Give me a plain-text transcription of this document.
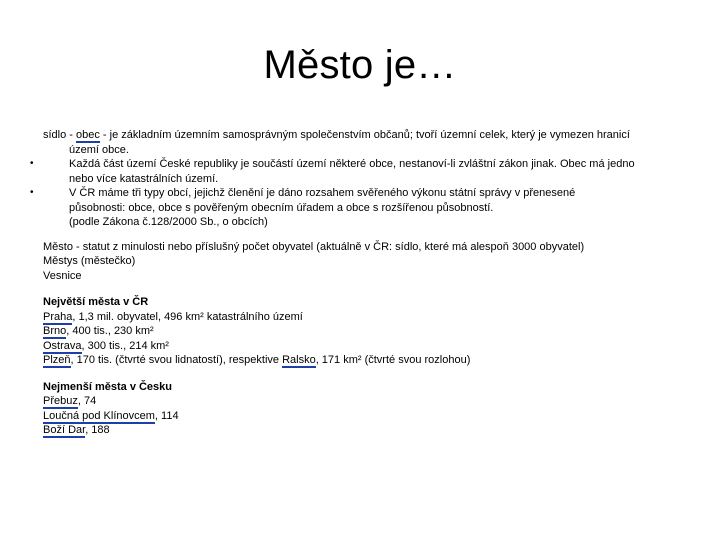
Město je…

sídlo - obec - je základním územním samosprávným společenstvím občanů; tvoří územní celek, který je vymezen hranicí
území obce.

•	Každá část území České republiky je součástí území některé obce, nestanoví-li zvláštní zákon jinak. Obec má jedno
nebo více katastrálních území.
•	V ČR máme tři typy obcí, jejichž členění je dáno rozsahem svěřeného výkonu státní správy v přenesené
působnosti: obce, obce s pověřeným obecním úřadem a obce s rozšířenou působností.
(podle Zákona č.128/2000 Sb., o obcích)
Město - statut z minulosti nebo příslušný počet obyvatel (aktuálně v ČR: sídlo, které má alespoň 3000 obyvatel)
Městys (městečko)
Vesnice
Největší města v ČR
Praha, 1,3 mil. obyvatel, 496 km² katastrálního území
Brno, 400 tis., 230 km²
Ostrava, 300 tis., 214 km²
Plzeň, 170 tis. (čtvrté svou lidnatostí), respektive Ralsko, 171 km² (čtvrté svou rozlohou)
Nejmenší města v Česku
Přebuz, 74
Loučná pod Klínovcem, 114
Boží Dar, 188
